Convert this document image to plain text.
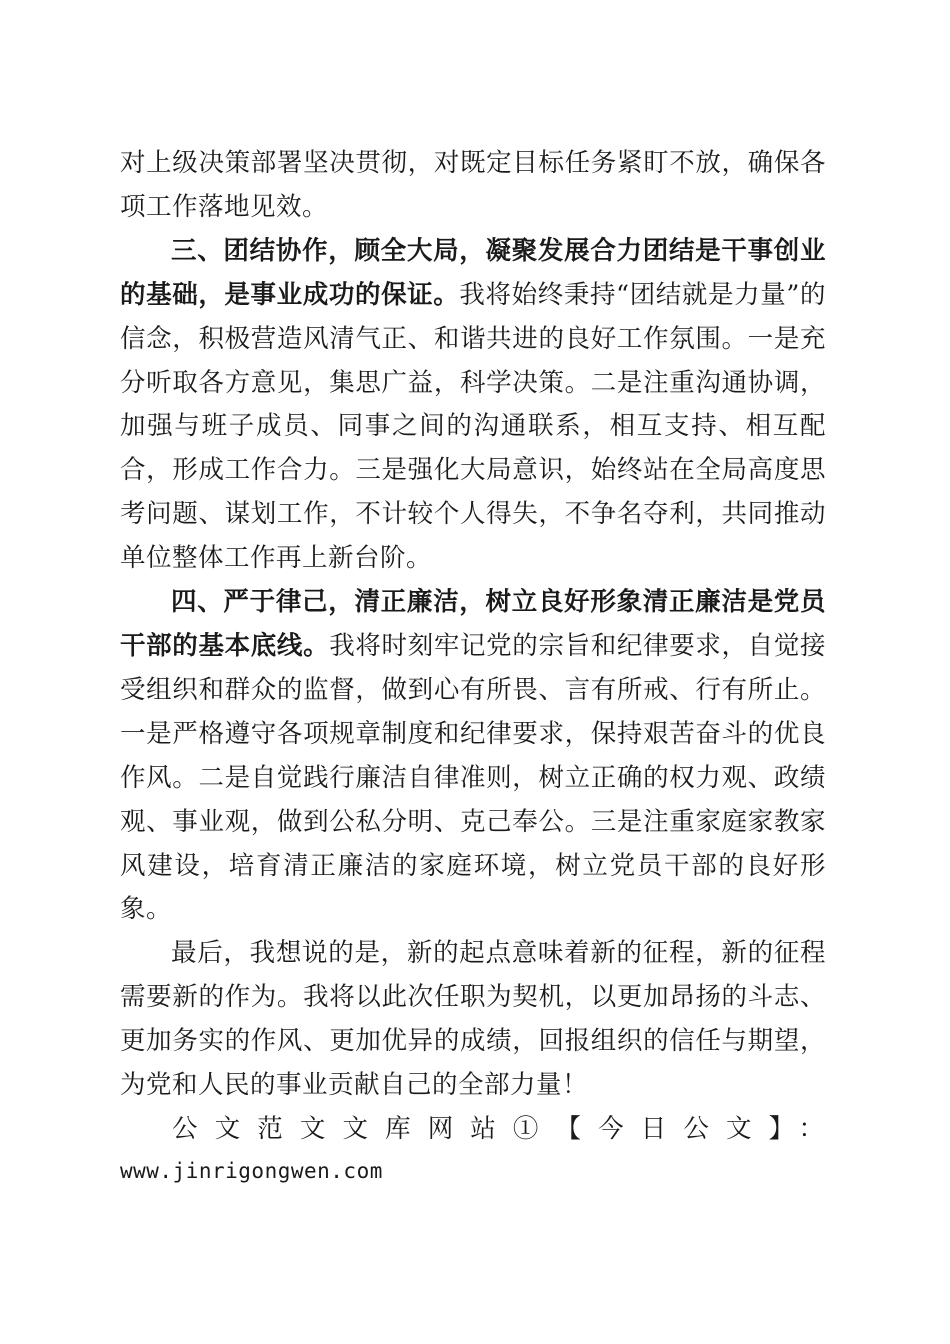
对上级决策部署坚决贯彻，对既定目标任务紧盯不放，确保各项工作落地见效。

三、团结协作，顾全大局，凝聚发展合力团结是干事创业的基础，是事业成功的保证。我将始终秉持“团结就是力量”的信念，积极营造风清气正、和谐共进的良好工作氛围。一是充分听取各方意见，集思广益，科学决策。二是注重沟通协调，加强与班子成员、同事之间的沟通联系，相互支持、相互配合，形成工作合力。三是强化大局意识，始终站在全局高度思考问题、谋划工作，不计较个人得失，不争名夺利，共同推动单位整体工作再上新台阶。

四、严于律己，清正廉洁，树立良好形象清正廉洁是党员干部的基本底线。我将时刻牢记党的宗旨和纪律要求，自觉接受组织和群众的监督，做到心有所畏、言有所戒、行有所止。一是严格遵守各项规章制度和纪律要求，保持艰苦奋斗的优良作风。二是自觉践行廉洁自律准则，树立正确的权力观、政绩观、事业观，做到公私分明、克己奉公。三是注重家庭家教家风建设，培育清正廉洁的家庭环境，树立党员干部的良好形象。

最后，我想说的是，新的起点意味着新的征程，新的征程需要新的作为。我将以此次任职为契机，以更加昂扬的斗志、更加务实的作风、更加优异的成绩，回报组织的信任与期望，为党和人民的事业贡献自己的全部力量！

公文范文文库网站①【今日公文】：

www.jinrigongwen.com
